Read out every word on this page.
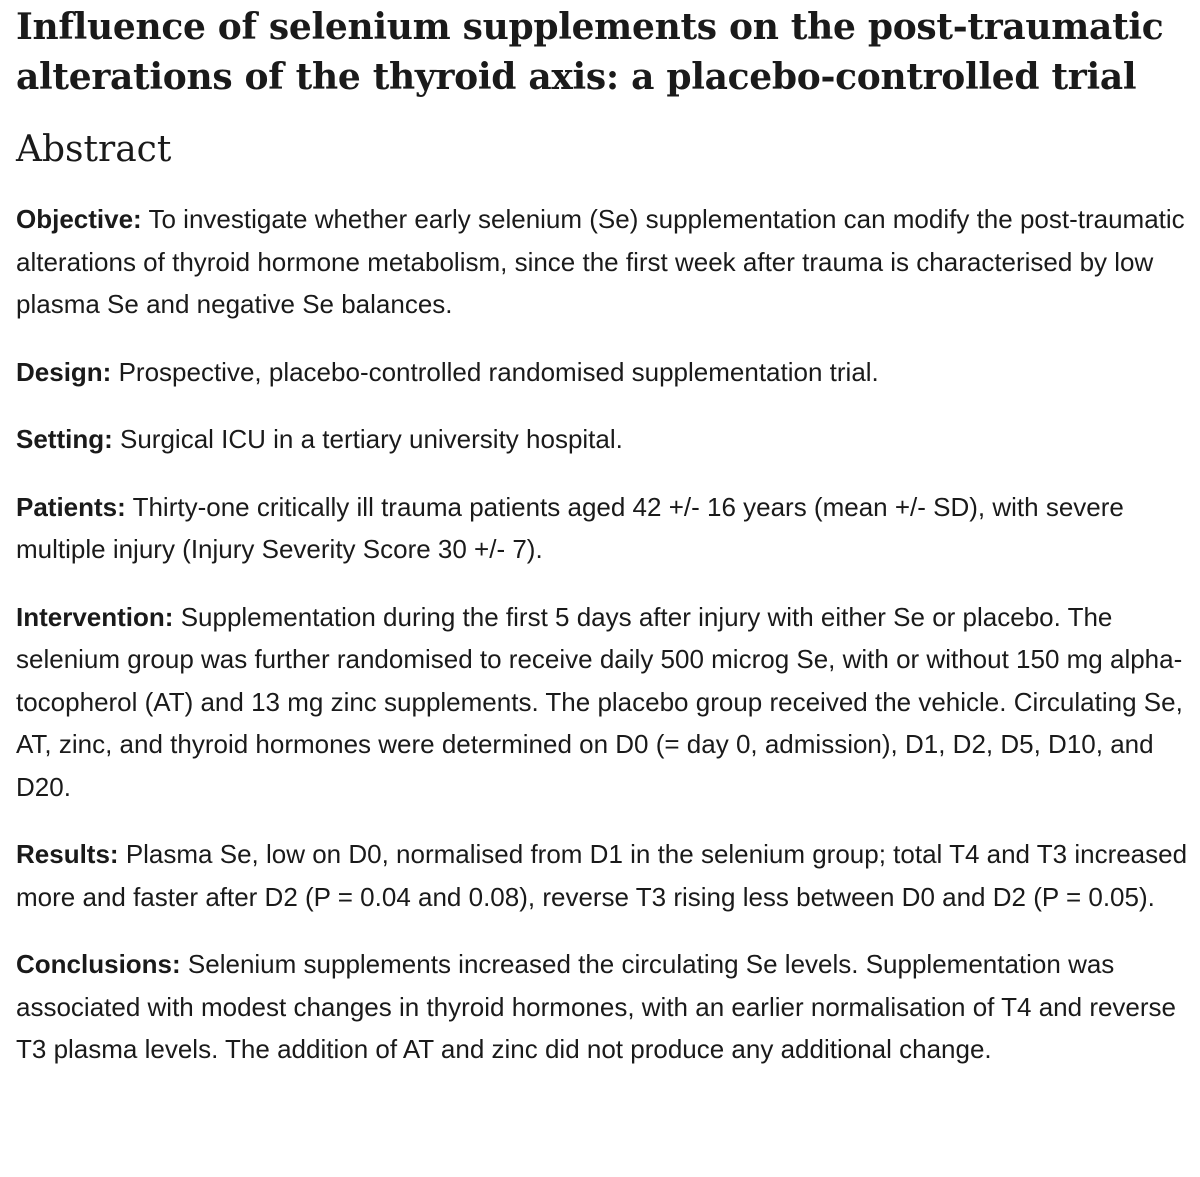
Influence of selenium supplements on the post-traumatic alterations of the thyroid axis: a placebo-controlled trial
Abstract

Objective: To investigate whether early selenium (Se) supplementation can modify the post-traumatic alterations of thyroid hormone metabolism, since the first week after trauma is characterised by low plasma Se and negative Se balances.

Design: Prospective, placebo-controlled randomised supplementation trial.

Setting: Surgical ICU in a tertiary university hospital.

Patients: Thirty-one critically ill trauma patients aged 42 +/- 16 years (mean +/- SD), with severe multiple injury (Injury Severity Score 30 +/- 7).

Intervention: Supplementation during the first 5 days after injury with either Se or placebo. The selenium group was further randomised to receive daily 500 microg Se, with or without 150 mg alpha-tocopherol (AT) and 13 mg zinc supplements. The placebo group received the vehicle. Circulating Se, AT, zinc, and thyroid hormones were determined on D0 (= day 0, admission), D1, D2, D5, D10, and D20.

Results: Plasma Se, low on D0, normalised from D1 in the selenium group; total T4 and T3 increased more and faster after D2 (P = 0.04 and 0.08), reverse T3 rising less between D0 and D2 (P = 0.05).

Conclusions: Selenium supplements increased the circulating Se levels. Supplementation was associated with modest changes in thyroid hormones, with an earlier normalisation of T4 and reverse T3 plasma levels. The addition of AT and zinc did not produce any additional change.
